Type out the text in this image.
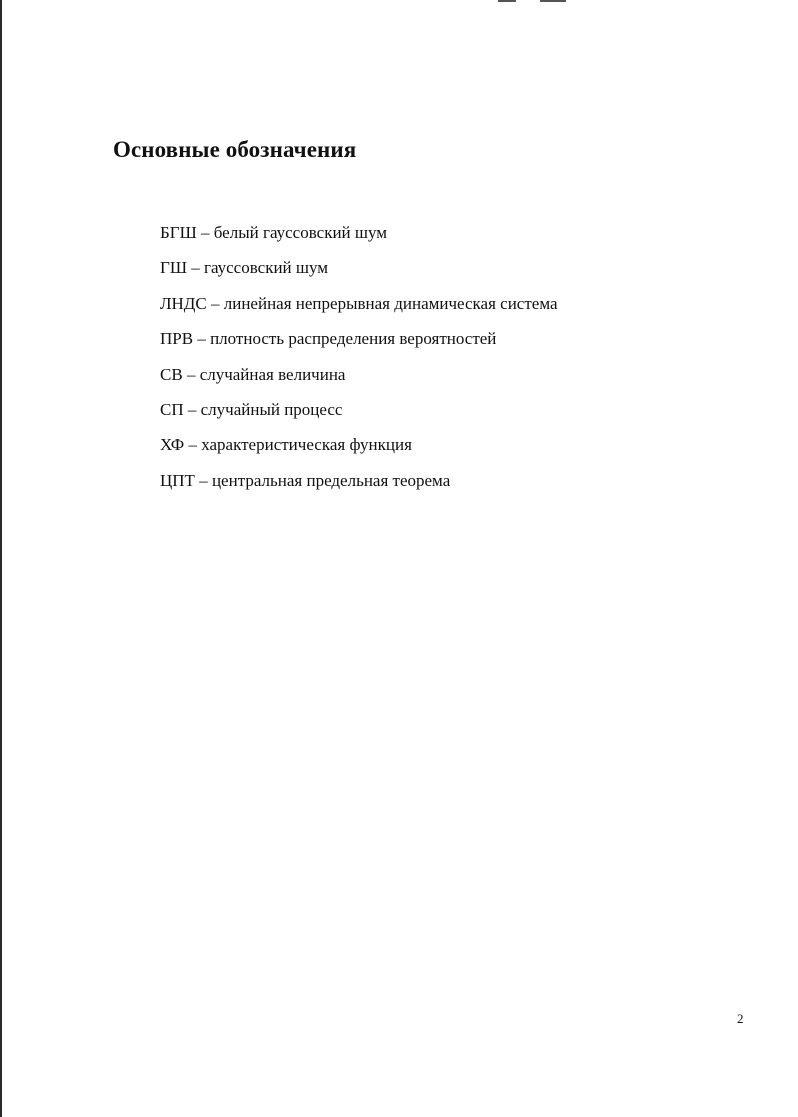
Основные обозначения
БГШ – белый гауссовский шум
ГШ – гауссовский шум
ЛНДС – линейная непрерывная динамическая система
ПРВ – плотность распределения вероятностей
СВ – случайная величина
СП – случайный процесс
ХФ – характеристическая функция
ЦПТ – центральная предельная теорема
2
